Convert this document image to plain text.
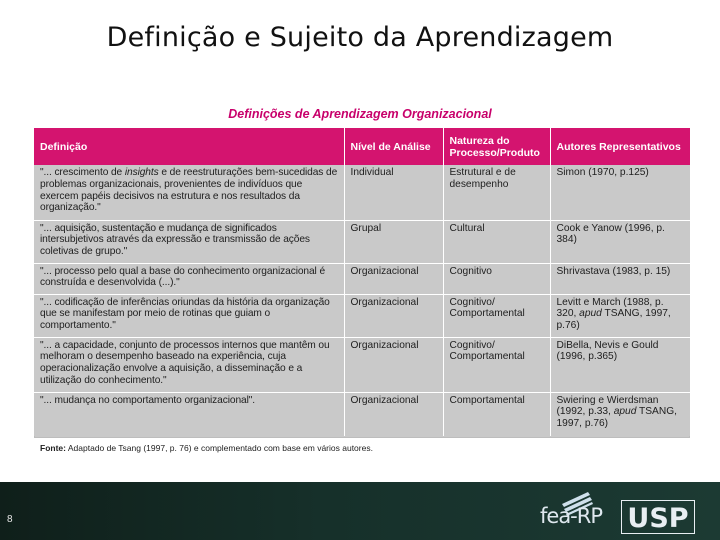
Definição e Sujeito da Aprendizagem
Definições de Aprendizagem Organizacional
Definição	Nível de Análise	Natureza do Processo/Produto	Autores Representativos
"... crescimento de insights e de reestruturações bem-sucedidas de problemas organizacionais, provenientes de indivíduos que exercem papéis decisivos na estrutura e nos resultados da organização."	Individual	Estrutural e de desempenho	Simon (1970, p.125)
"... aquisição, sustentação e mudança de significados intersubjetivos através da expressão e transmissão de ações coletivas de grupo."	Grupal	Cultural	Cook e Yanow (1996, p. 384)
"... processo pelo qual a base do conhecimento organizacional é construída e desenvolvida (...)."	Organizacional	Cognitivo	Shrivastava (1983, p. 15)
"... codificação de inferências oriundas da história da organização que se manifestam por meio de rotinas que guiam o comportamento."	Organizacional	Cognitivo/ Comportamental	Levitt e March (1988, p. 320, apud TSANG, 1997, p.76)
"... a capacidade, conjunto de processos internos que mantêm ou melhoram o desempenho baseado na experiência, cuja operacionalização envolve a aquisição, a disseminação e a utilização do conhecimento."	Organizacional	Cognitivo/ Comportamental	DiBella, Nevis e Gould (1996, p.365)
"... mudança no comportamento organizacional".	Organizacional	Comportamental	Swiering e Wierdsman (1992, p.33, apud TSANG, 1997, p.76)
Fonte: Adaptado de Tsang (1997, p. 76) e complementado com base em vários autores.
8	fea-RP USP
